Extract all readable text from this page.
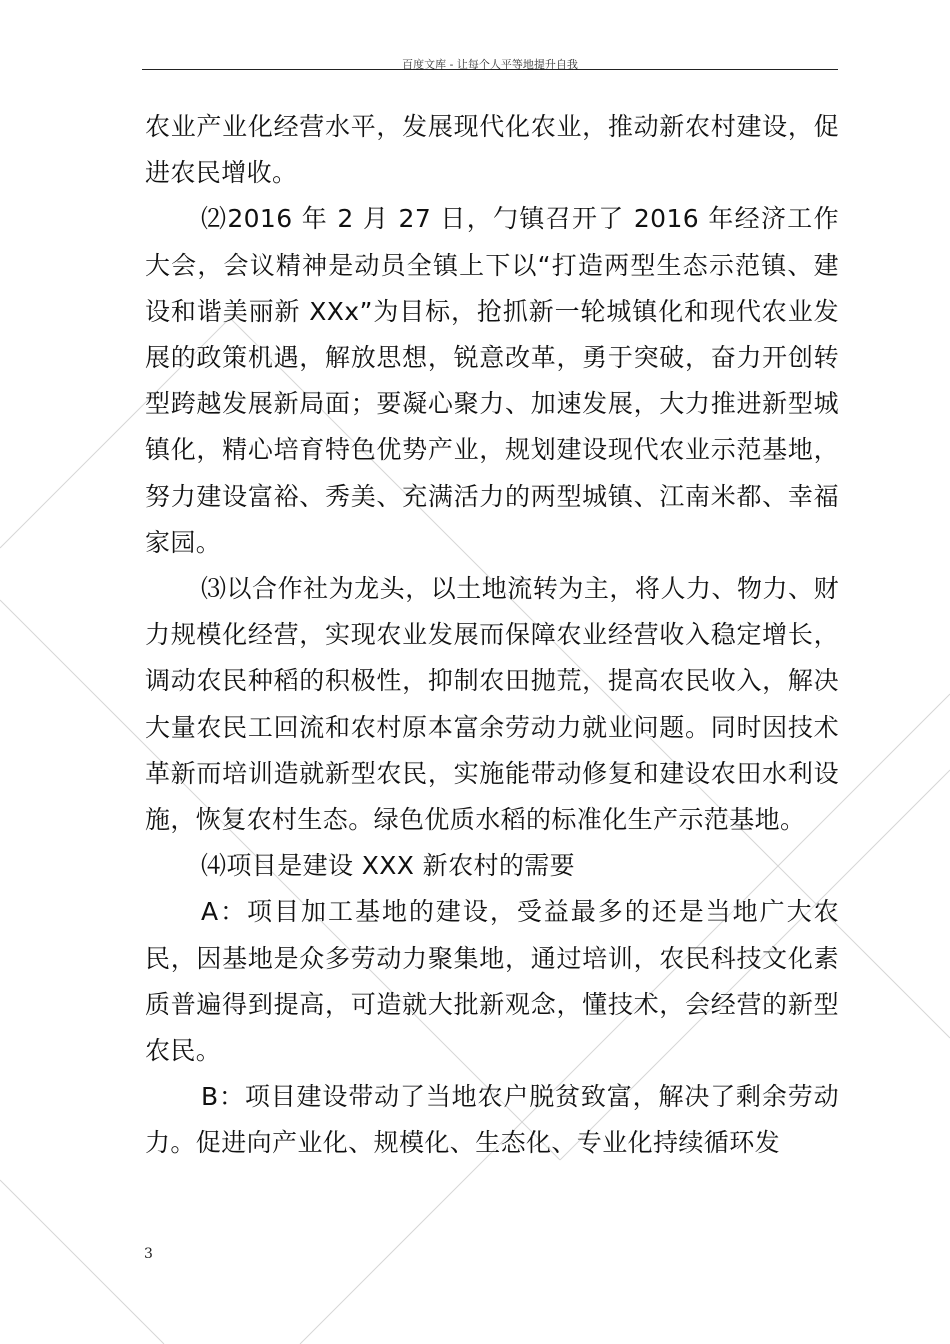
百度文库 - 让每个人平等地提升自我

农业产业化经营水平，发展现代化农业，推动新农村建设，促进农民增收。

⑵2016 年 2 月 27 日，勹镇召开了 2016 年经济工作大会，会议精神是动员全镇上下以“打造两型生态示范镇、建设和谐美丽新 XXx”为目标，抢抓新一轮城镇化和现代农业发展的政策机遇，解放思想，锐意改革，勇于突破，奋力开创转型跨越发展新局面；要凝心聚力、加速发展，大力推进新型城镇化，精心培育特色优势产业，规划建设现代农业示范基地，努力建设富裕、秀美、充满活力的两型城镇、江南米都、幸福家园。

⑶以合作社为龙头，以土地流转为主，将人力、物力、财力规模化经营，实现农业发展而保障农业经营收入稳定增长，调动农民种稻的积极性，抑制农田抛荒，提高农民收入，解决大量农民工回流和农村原本富余劳动力就业问题。同时因技术革新而培训造就新型农民，实施能带动修复和建设农田水利设施，恢复农村生态。绿色优质水稻的标准化生产示范基地。

⑷项目是建设 XXX 新农村的需要

A：项目加工基地的建设，受益最多的还是当地广大农民，因基地是众多劳动力聚集地，通过培训，农民科技文化素质普遍得到提高，可造就大批新观念，懂技术，会经营的新型农民。

B：项目建设带动了当地农户脱贫致富，解决了剩余劳动力。促进向产业化、规模化、生态化、专业化持续循环发

3
